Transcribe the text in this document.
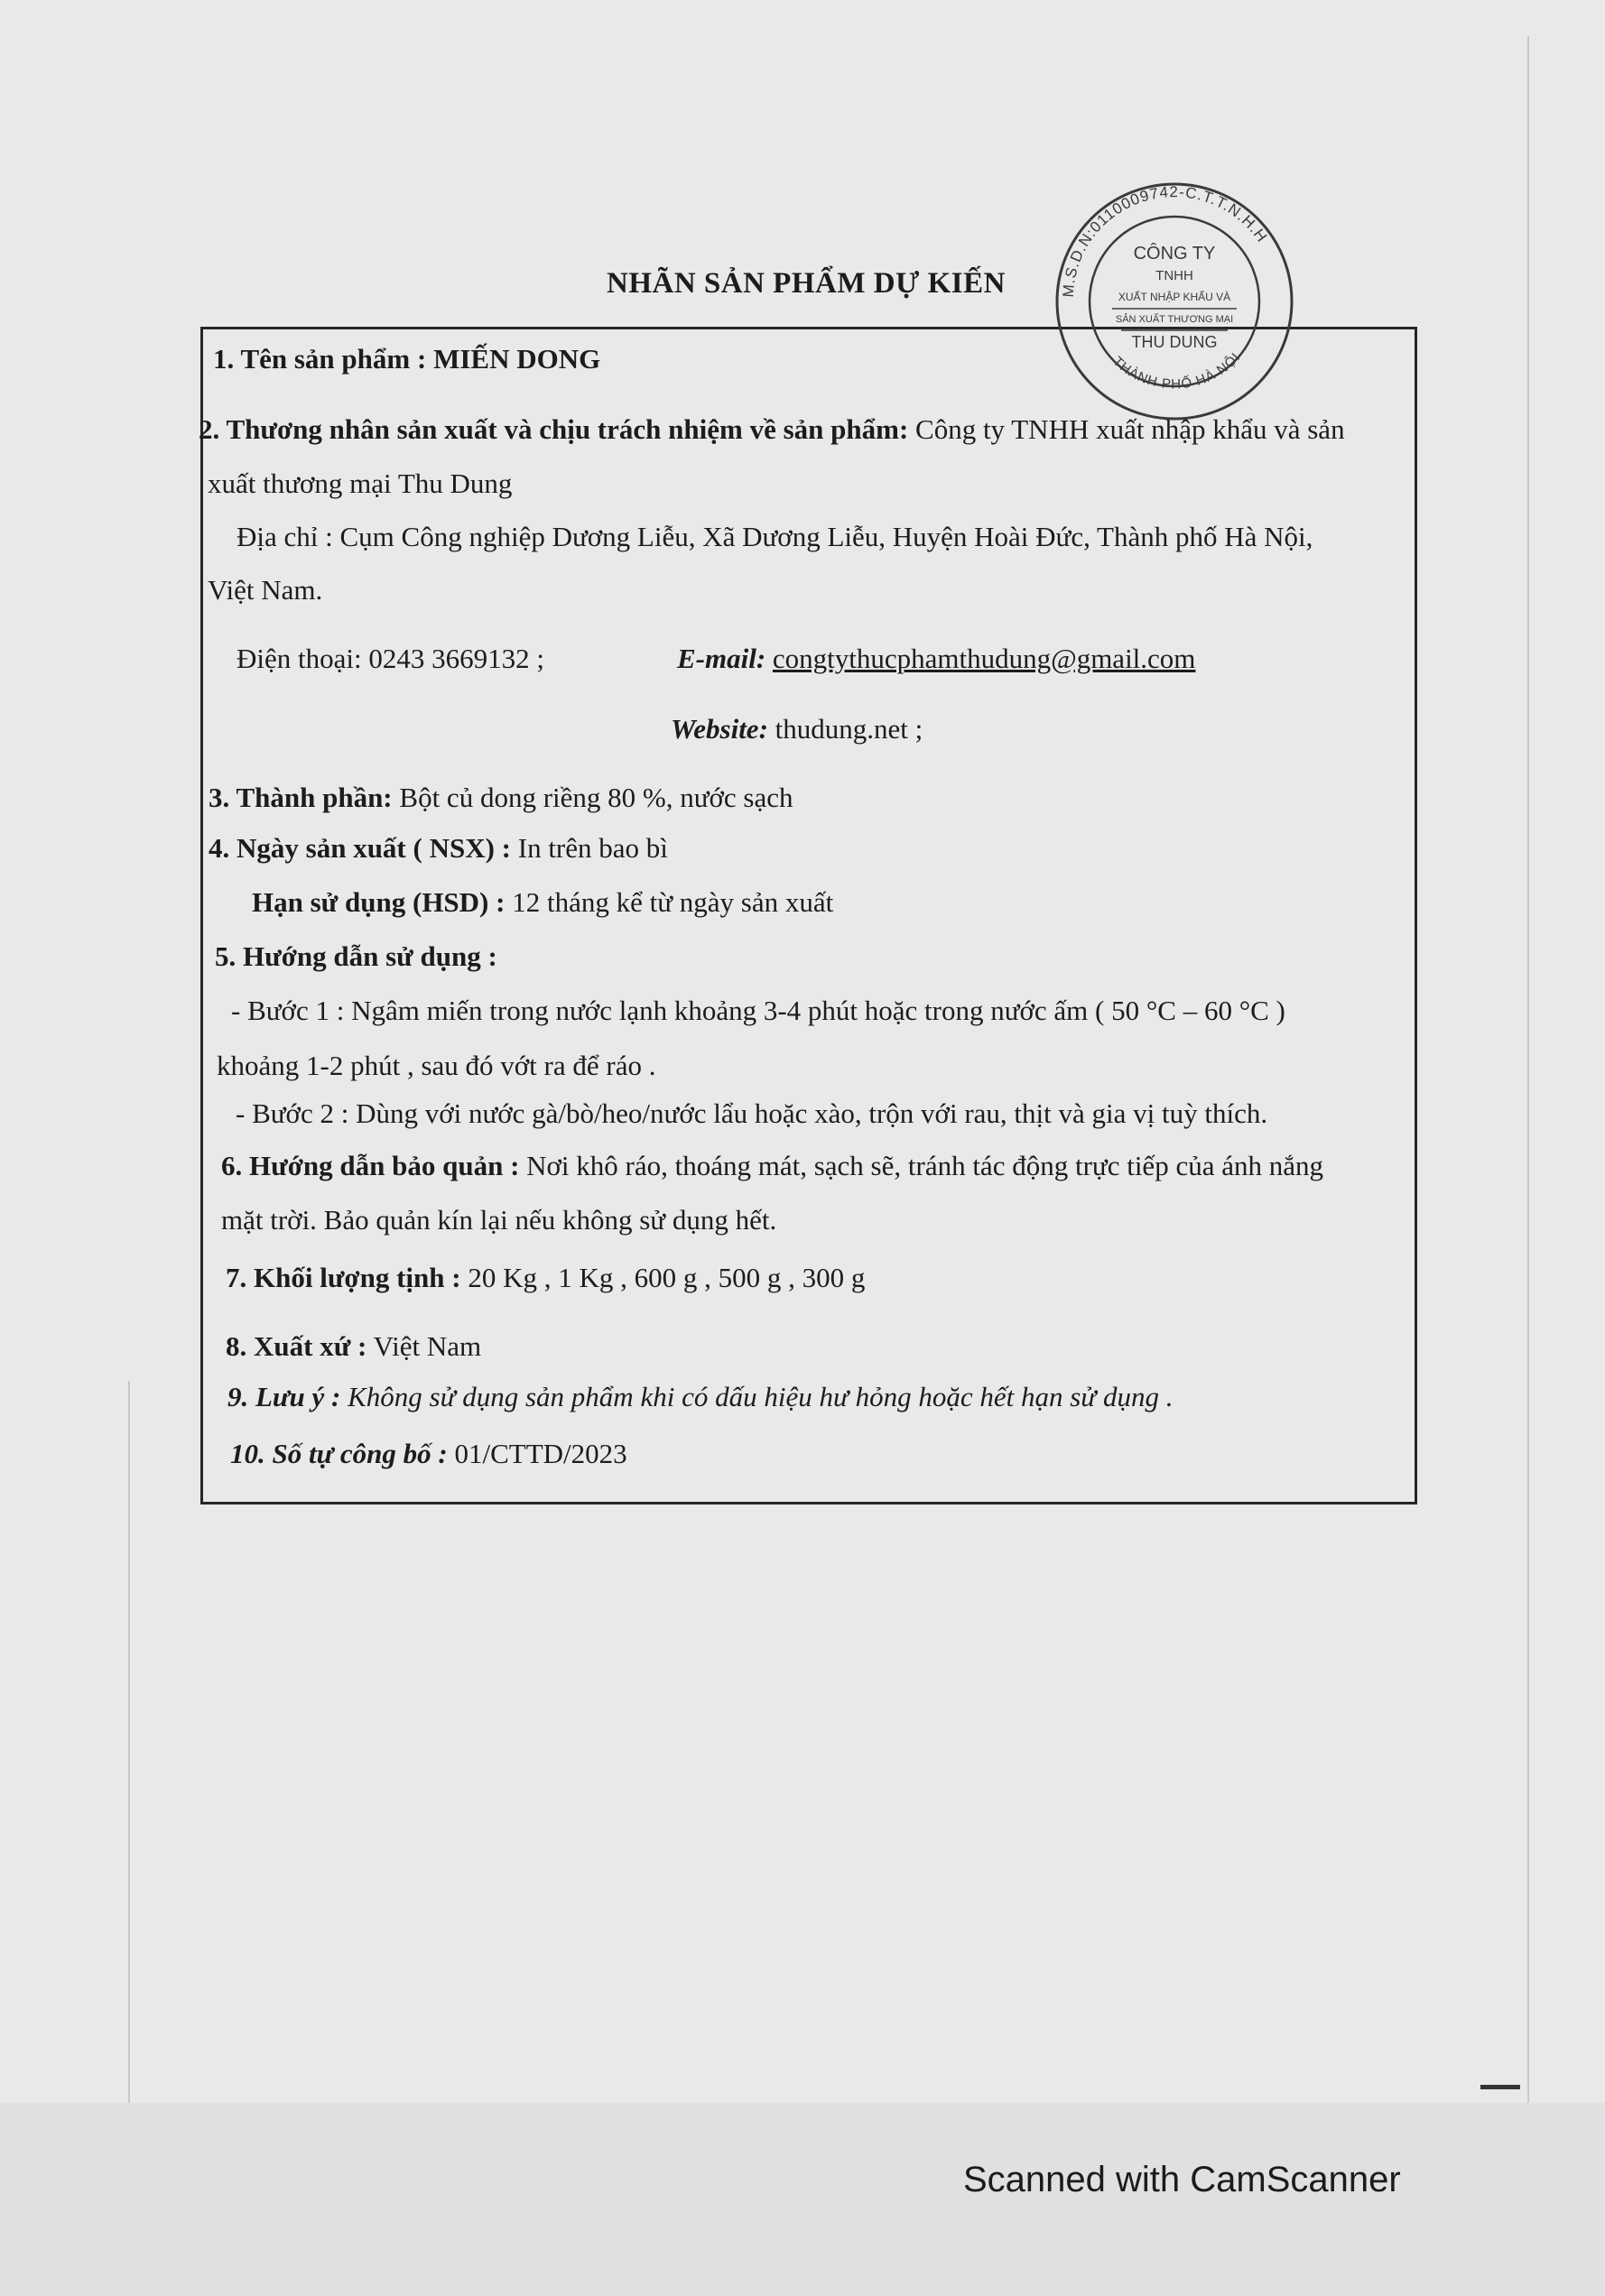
NHÃN SẢN PHẨM DỰ KIẾN

1. Tên sản phẩm : MIẾN DONG

2. Thương nhân sản xuất và chịu trách nhiệm về sản phẩm: Công ty TNHH xuất nhập khẩu và sản

xuất thương mại Thu Dung

Địa chỉ : Cụm Công nghiệp Dương Liễu, Xã Dương Liễu, Huyện Hoài Đức, Thành phố Hà Nội,

Việt Nam.

Điện thoại: 0243 3669132 ;	E-mail: congtythucphamthudung@gmail.com

Website: thudung.net ;

3. Thành phần: Bột củ dong riềng 80 %, nước sạch

4. Ngày sản xuất ( NSX) : In trên bao bì

Hạn sử dụng (HSD) : 12 tháng kể từ ngày sản xuất

5. Hướng dẫn sử dụng :

- Bước 1 : Ngâm miến trong nước lạnh khoảng 3-4 phút hoặc trong nước ấm ( 50 °C – 60 °C )

khoảng 1-2 phút , sau đó vớt ra để ráo .

- Bước 2 : Dùng với nước gà/bò/heo/nước lẩu hoặc xào, trộn với rau, thịt và gia vị tuỳ thích.

6. Hướng dẫn bảo quản : Nơi khô ráo, thoáng mát, sạch sẽ, tránh tác động trực tiếp của ánh nắng

mặt trời. Bảo quản kín lại nếu không sử dụng hết.

7. Khối lượng tịnh : 20 Kg , 1 Kg , 600 g , 500 g , 300 g

8. Xuất xứ : Việt Nam

9. Lưu ý : Không sử dụng sản phẩm khi có dấu hiệu hư hỏng hoặc hết hạn sử dụng .

10. Số tự công bố : 01/CTTD/2023

M.S.D.N:0110009742-C.T.T.N.H.H
THÀNH PHỐ HÀ NỘI
CÔNG TY
TNHH
XUẤT NHẬP KHẨU VÀ
SẢN XUẤT THƯƠNG MẠI
THU DUNG

Scanned with CamScanner
